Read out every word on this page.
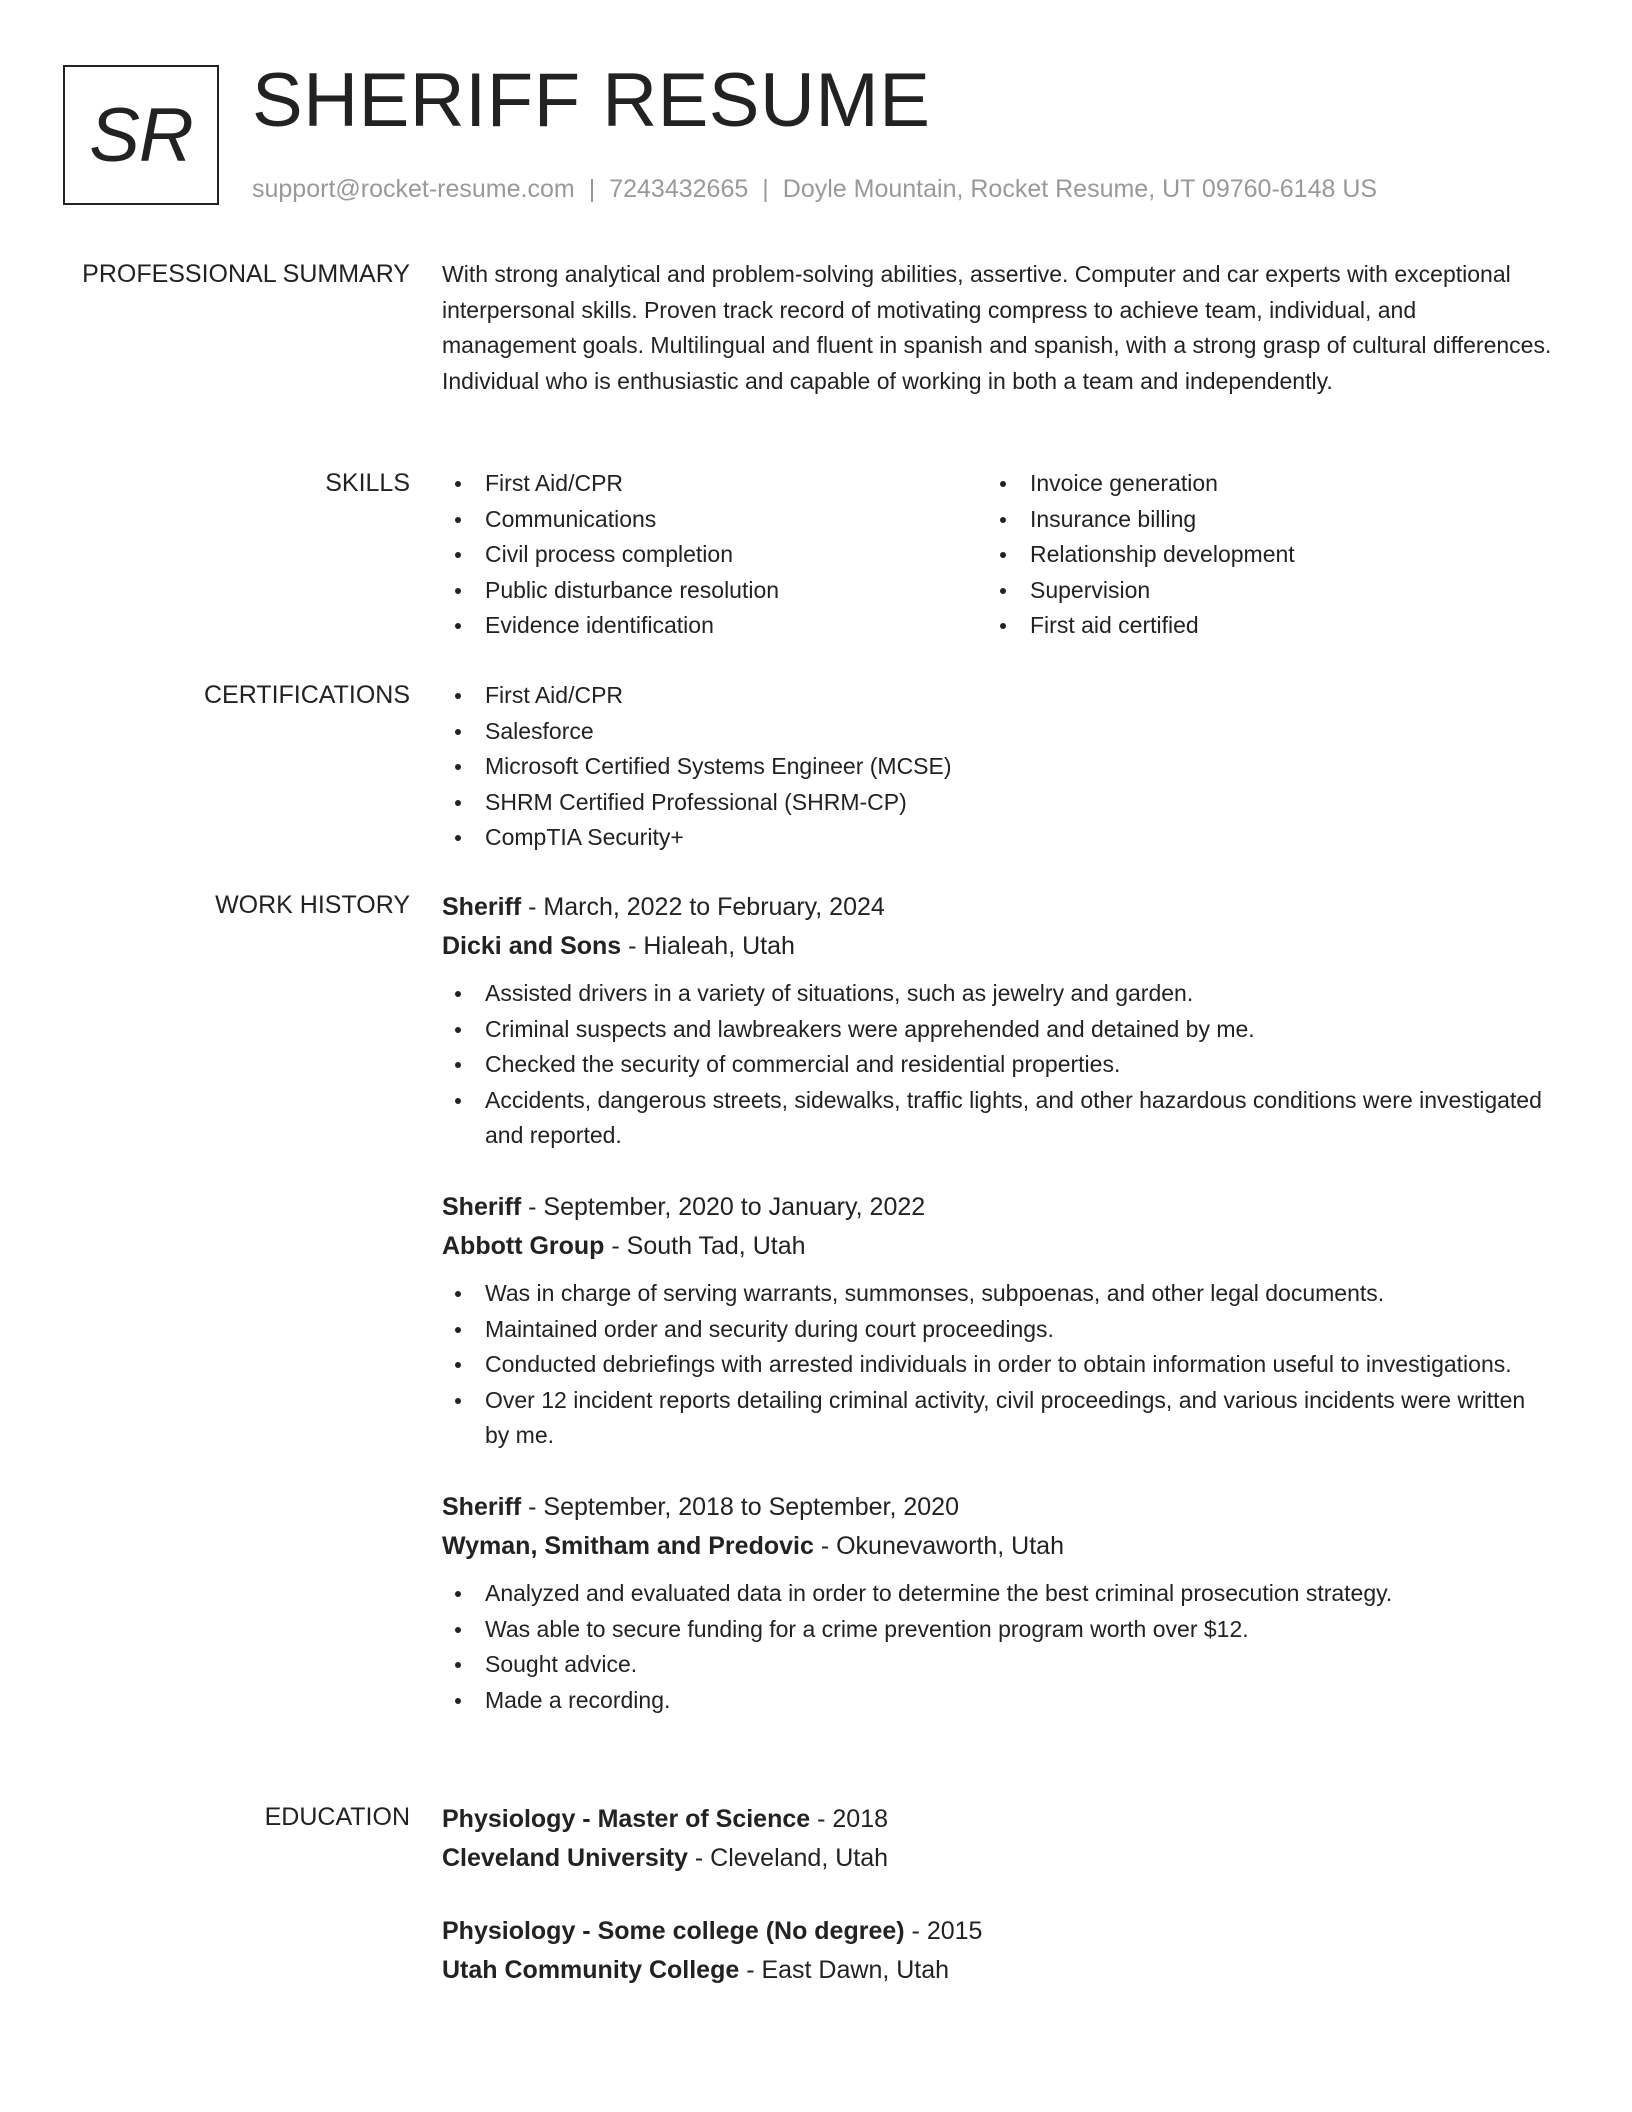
SR SHERIFF RESUME
support@rocket-resume.com | 7243432665 | Doyle Mountain, Rocket Resume, UT 09760-6148 US
PROFESSIONAL SUMMARY With strong analytical and problem-solving abilities, assertive. Computer and car experts with exceptional interpersonal skills. Proven track record of motivating compress to achieve team, individual, and management goals. Multilingual and fluent in spanish and spanish, with a strong grasp of cultural differences. Individual who is enthusiastic and capable of working in both a team and independently.

SKILLS	First Aid/CPR
Communications
Civil process completion
Public disturbance resolution
Evidence identification
Invoice generation
Insurance billing
Relationship development
Supervision
First aid certified
CERTIFICATIONS	First Aid/CPR
Salesforce
Microsoft Certified Systems Engineer (MCSE)
SHRM Certified Professional (SHRM-CP)
CompTIA Security+
WORK HISTORY Sheriff - March, 2022 to February, 2024
Dicki and Sons - Hialeah, Utah
Assisted drivers in a variety of situations, such as jewelry and garden.
Criminal suspects and lawbreakers were apprehended and detained by me.
Checked the security of commercial and residential properties.
Accidents, dangerous streets, sidewalks, traffic lights, and other hazardous conditions were investigated and reported.
Sheriff - September, 2020 to January, 2022
Abbott Group - South Tad, Utah
Was in charge of serving warrants, summonses, subpoenas, and other legal documents.
Maintained order and security during court proceedings.
Conducted debriefings with arrested individuals in order to obtain information useful to investigations.
Over 12 incident reports detailing criminal activity, civil proceedings, and various incidents were written by me.
Sheriff - September, 2018 to September, 2020
Wyman, Smitham and Predovic - Okunevaworth, Utah
Analyzed and evaluated data in order to determine the best criminal prosecution strategy.
Was able to secure funding for a crime prevention program worth over $12.
Sought advice.
Made a recording.
EDUCATION Physiology - Master of Science - 2018
Cleveland University - Cleveland, Utah
Physiology - Some college (No degree) - 2015
Utah Community College - East Dawn, Utah
